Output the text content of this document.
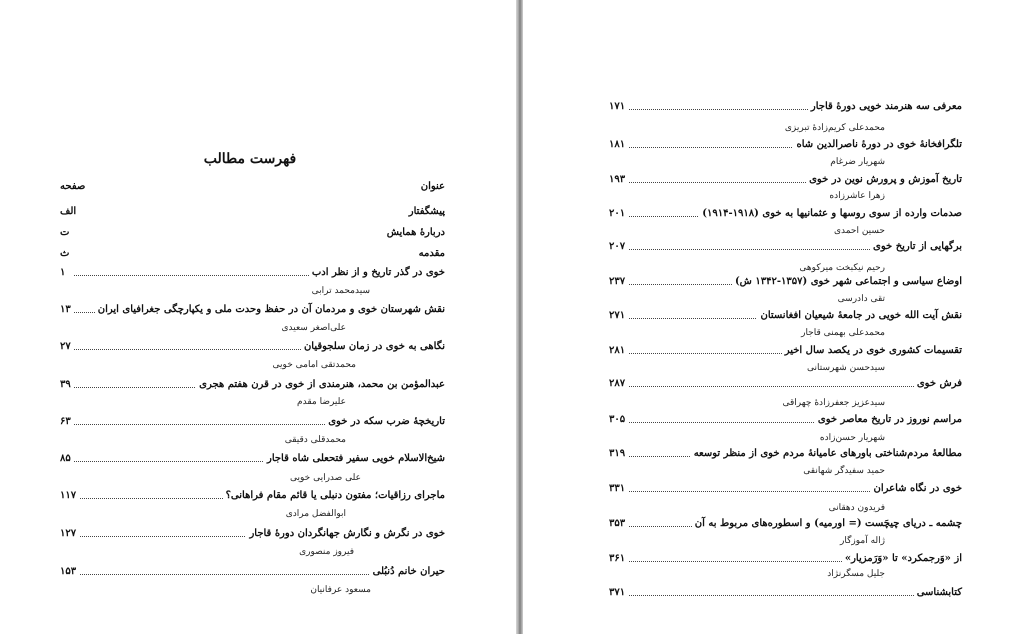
فهرست مطالب
عنوان
صفحه
پیشگفتار
الف
دربارهٔ همایش
ت
مقدمه
ث
خوی در گذر تاریخ و از نظر ادب
۱
سیدمحمد ترابی
نقش شهرستان خوی و مردمان آن در حفظ وحدت ملی و یکپارچگی جغرافیای ایران
۱۳
علی‌اصغر سعیدی
نگاهی به خوی در زمان سلجوقیان
۲۷
محمدتقی امامی خویی
عبدالمؤمن بن محمد، هنرمندی از خوی در قرن هفتم هجری
۳۹
علیرضا مقدم
تاریخچهٔ ضرب سکه در خوی
۶۳
محمدقلی دقیقی
شیخ‌الاسلام خویی سفیر فتحعلی شاه قاجار
۸۵
علی صدرایی خویی
ماجرای رزاقیات؛ مفتون دنبلی یا قائم مقام فراهانی؟
۱۱۷
ابوالفضل مرادی
خوی در نگرش و نگارش جهانگردان دورهٔ قاجار
۱۲۷
فیروز منصوری
حیران خانم دُنبُلی
۱۵۳
مسعود عرفانیان
معرفی سه هنرمند خویی دورهٔ قاجار
۱۷۱
محمدعلی کریم‌زادهٔ تبریزی
تلگرافخانهٔ خوی در دورهٔ ناصرالدین شاه
۱۸۱
شهریار ضرغام
تاریخ آموزش و پرورش نوین در خوی
۱۹۳
زهرا عاشرزاده
صدمات وارده از سوی روسها و عثمانیها به خوی (۱۹۱۸-۱۹۱۴)
۲۰۱
حسین احمدی
برگهایی از تاریخ خوی
۲۰۷
رحیم نیکبخت میرکوهی
اوضاع سیاسی و اجتماعی شهر خوی (۱۳۵۷-۱۳۴۲ ش)
۲۳۷
تقی دادرسی
نقش آیت الله خویی در جامعهٔ شیعیان افغانستان
۲۷۱
محمدعلی بهمنی قاجار
تقسیمات کشوری خوی در یکصد سال اخیر
۲۸۱
سیدحسن شهرستانی
فرش خوی
۲۸۷
سیدعزیز جعفرزادهٔ چهراقی
مراسم نوروز در تاریخ معاصر خوی
۳۰۵
شهریار حسن‌زاده
مطالعهٔ مردم‌شناختی باورهای عامیانهٔ مردم خوی از منظر توسعه
۳۱۹
حمید سفیدگر شهانقی
خوی در نگاه شاعران
۳۳۱
فریدون دهقانی
چشمه ـ دریای چیچَست (= اورمیه) و اسطوره‌های مربوط به آن
۳۵۳
ژاله آموزگار
از «وَرجمکرد» تا «وَرَمزیار»
۳۶۱
جلیل مسگرنژاد
کتابشناسی
۳۷۱
